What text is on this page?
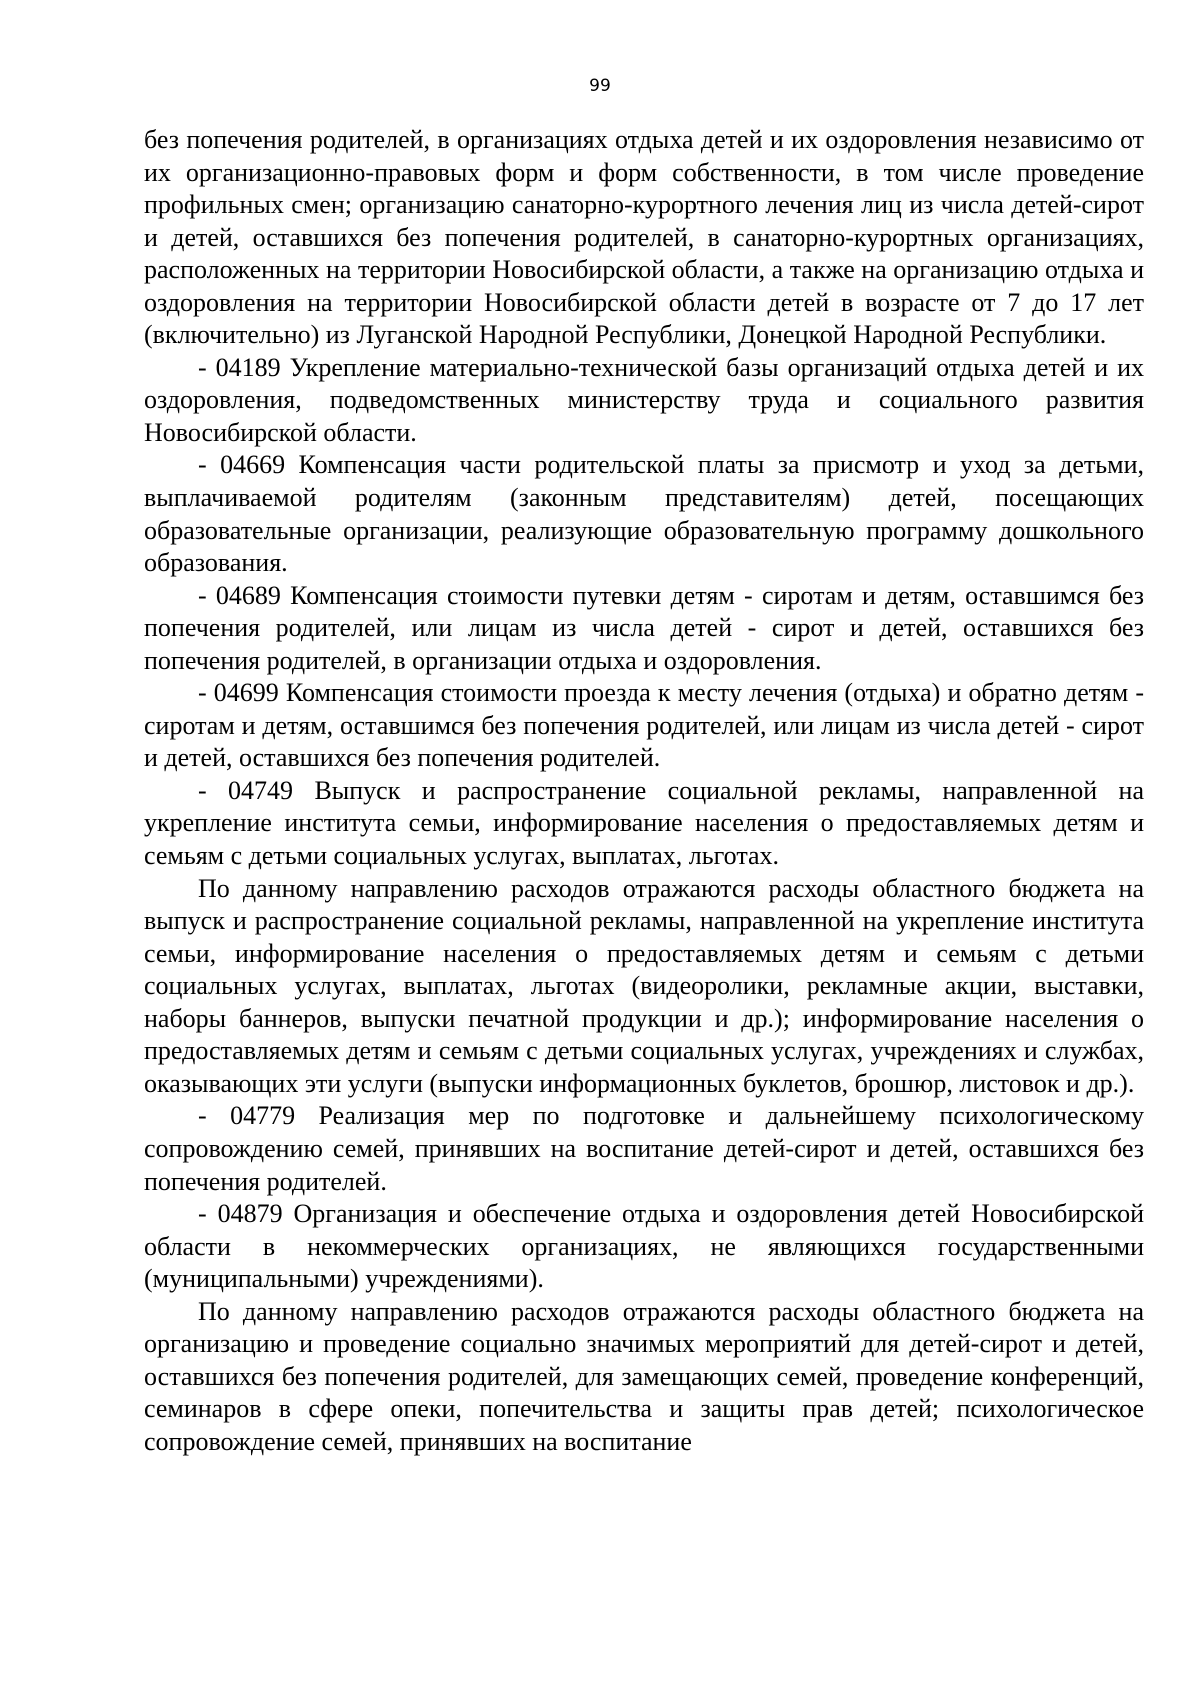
99

без попечения родителей, в организациях отдыха детей и их оздоровления независимо от их организационно-правовых форм и форм собственности, в том числе проведение профильных смен; организацию санаторно-курортного лечения лиц из числа детей-сирот и детей, оставшихся без попечения родителей, в санаторно-курортных организациях, расположенных на территории Новосибирской области, а также на организацию отдыха и оздоровления на территории Новосибирской области детей в возрасте от 7 до 17 лет (включительно) из Луганской Народной Республики, Донецкой Народной Республики.

- 04189 Укрепление материально-технической базы организаций отдыха детей и их оздоровления, подведомственных министерству труда и социального развития Новосибирской области.

- 04669 Компенсация части родительской платы за присмотр и уход за детьми, выплачиваемой родителям (законным представителям) детей, посещающих образовательные организации, реализующие образовательную программу дошкольного образования.

- 04689 Компенсация стоимости путевки детям - сиротам и детям, оставшимся без попечения родителей, или лицам из числа детей - сирот и детей, оставшихся без попечения родителей, в организации отдыха и оздоровления.

- 04699 Компенсация стоимости проезда к месту лечения (отдыха) и обратно детям - сиротам и детям, оставшимся без попечения родителей, или лицам из числа детей - сирот и детей, оставшихся без попечения родителей.

- 04749 Выпуск и распространение социальной рекламы, направленной на укрепление института семьи, информирование населения о предоставляемых детям и семьям с детьми социальных услугах, выплатах, льготах.

По данному направлению расходов отражаются расходы областного бюджета на выпуск и распространение социальной рекламы, направленной на укрепление института семьи, информирование населения о предоставляемых детям и семьям с детьми социальных услугах, выплатах, льготах (видеоролики, рекламные акции, выставки, наборы баннеров, выпуски печатной продукции и др.); информирование населения о предоставляемых детям и семьям с детьми социальных услугах, учреждениях и службах, оказывающих эти услуги (выпуски информационных буклетов, брошюр, листовок и др.).

- 04779 Реализация мер по подготовке и дальнейшему психологическому сопровождению семей, принявших на воспитание детей-сирот и детей, оставшихся без попечения родителей.

- 04879 Организация и обеспечение отдыха и оздоровления детей Новосибирской области в некоммерческих организациях, не являющихся государственными (муниципальными) учреждениями).

По данному направлению расходов отражаются расходы областного бюджета на организацию и проведение социально значимых мероприятий для детей-сирот и детей, оставшихся без попечения родителей, для замещающих семей, проведение конференций, семинаров в сфере опеки, попечительства и защиты прав детей; психологическое сопровождение семей, принявших на воспитание
